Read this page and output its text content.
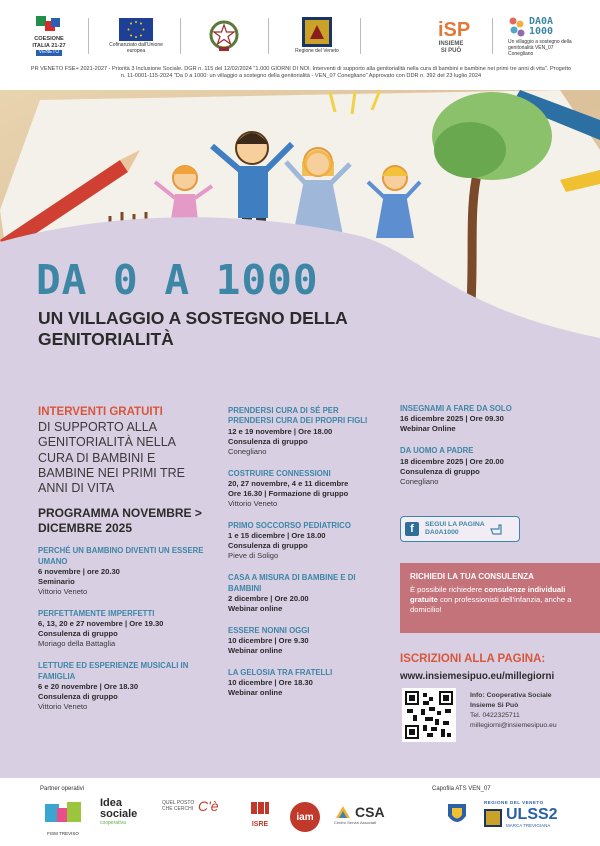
COESIONE ITALIA 21-27
VENETO
Cofinanziato dall'Unione europea	Regione del Veneto
iSP
INSIEME
SI PUÒ
DA0A
1000
Un villaggio a sostegno della genitorialità VEN_07 Conegliano
PR VENETO FSE+ 2021-2027 - Priorità 3 Inclusione Sociale. DGR n. 115 del 12/02/2024 "1.000 GIORNI DI NOI. Interventi di supporto alla genitorialità nella cura di bambini e bambine nei primi tre anni di vita". Progetto n. 11-0001-115-2024 "Da 0 a 1000: un villaggio a sostegno della genitorialità - VEN_07 Conegliano" Approvato con DDR n. 392 del 23 luglio 2024
DA 0 A 1000
UN VILLAGGIO A SOSTEGNO DELLA GENITORIALITÀ
INTERVENTI GRATUITI
DI SUPPORTO ALLA GENITORIALITÀ NELLA CURA DI BAMBINI E BAMBINE NEI PRIMI TRE ANNI DI VITA
PROGRAMMA NOVEMBRE > DICEMBRE 2025
PERCHÉ UN BAMBINO DIVENTI UN ESSERE UMANO
6 novembre | ore 20.30
Seminario
Vittorio Veneto
PERFETTAMENTE IMPERFETTI
6, 13, 20 e 27 novembre | Ore 19.30
Consulenza di gruppo
Moriago della Battaglia
LETTURE ED ESPERIENZE MUSICALI IN FAMIGLIA
6 e 20 novembre | Ore 18.30
Consulenza di gruppo
Vittorio Veneto
PRENDERSI CURA DI SÉ PER PRENDERSI CURA DEI PROPRI FIGLI
12 e 19 novembre | Ore 18.00
Consulenza di gruppo
Conegliano
COSTRUIRE CONNESSIONI
20, 27 novembre, 4 e 11 dicembre
Ore 16.30 | Formazione di gruppo
Vittorio Veneto
PRIMO SOCCORSO PEDIATRICO
1 e 15 dicembre | Ore 18.00
Consulenza di gruppo
Pieve di Soligo
CASA A MISURA DI BAMBINE E DI BAMBINI
2 dicembre | Ore 20.00
Webinar online
ESSERE NONNI OGGI
10 dicembre | Ore 9.30
Webinar online
LA GELOSIA TRA FRATELLI
10 dicembre | Ore 18.30
Webinar online
INSEGNAMI A FARE DA SOLO
16 dicembre 2025 | Ore 09.30
Webinar Online
DA UOMO A PADRE
18 dicembre 2025 | Ore 20.00
Consulenza di gruppo
Conegliano
f	SEGUI LA PAGINA
DA0A1000
RICHIEDI LA TUA CONSULENZA
È possibile richiedere consulenze individuali gratuite con professionisti dell'infanzia, anche a domicilio!
ISCRIZIONI ALLA PAGINA:
www.insiemesipuo.eu/millegiorni
Info: Cooperativa Sociale
Insieme Si Può
Tel. 0422325711
millegiorni@insiemesipuo.eu
Partner operativi	Capofila ATS VEN_07
FISM TREVISO
Idea sociale
cooperativa
QUEL POSTO CHE CERCHI C'è
ISRE
iam	CSA
Centro Servizi Associati
REGIONE DEL VENETO
ULSS2
MARCA TREVIGIANA
